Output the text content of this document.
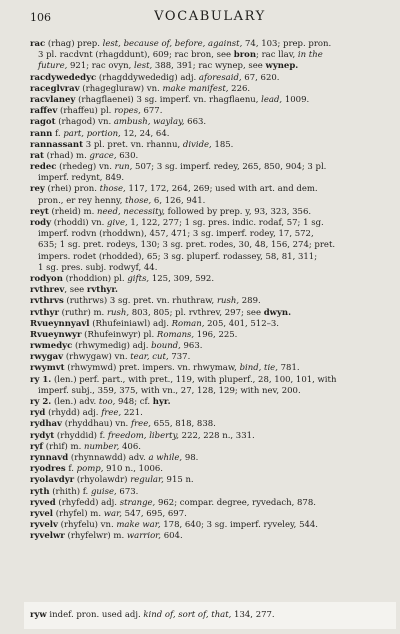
106	VOCABULARY
rac (rhag) prep. lest, because of, before, against, 74, 103; prep. pron.
3 pl. racdvnt (rhagddunt), 609; rac bron, see bron; rac llav, in the
future, 921; rac ovyn, lest, 388, 391; rac wynep, see wynep.
racdywededyc (rhagddywededig) adj. aforesaid, 67, 620.
raceglvrav (rhageglurаw) vn. make manifest, 226.
racvlaney (rhagflaenei) 3 sg. imperf. vn. rhagflaenu, lead, 1009.
raffev (rhaffeu) pl. ropes, 677.
ragot (rhagod) vn. ambush, waylay, 663.
rann f. part, portion, 12, 24, 64.
rannassant 3 pl. pret. vn. rhannu, divide, 185.
rat (rhad) m. grace, 630.
redec (rhedeg) vn. run, 507; 3 sg. imperf. redey, 265, 850, 904; 3 pl.
imperf. redynt, 849.
rey (rhei) pron. those, 117, 172, 264, 269; used with art. and dem.
pron., er rey henny, those, 6, 126, 941.
reyt (rheid) m. need, necessity, followed by prep. y, 93, 323, 356.
rody (rhoddi) vn. give, 1, 122, 277; 1 sg. pres. indic. rodaf, 57; 1 sg.
imperf. rodvn (rhoddwn), 457, 471; 3 sg. imperf. rodey, 17, 572,
635; 1 sg. pret. rodeys, 130; 3 sg. pret. rodes, 30, 48, 156, 274; pret.
impers. rodet (rhodded), 65; 3 sg. pluperf. rodassey, 58, 81, 311;
1 sg. pres. subj. rodwyf, 44.
rodyon (rhoddion) pl. gifts, 125, 309, 592.
rvthrev, see rvthyr.
rvthrvs (ruthrws) 3 sg. pret. vn. rhuthraw, rush, 289.
rvthyr (ruthr) m. rush, 803, 805; pl. rvthrev, 297; see dwyn.
Rvueynnyavl (Rhufeiniawl) adj. Roman, 205, 401, 512–3.
Rvueynwyr (Rhufeinwyr) pl. Romans, 196, 225.
rwmedyc (rhwymedig) adj. bound, 963.
rwygav (rhwygaw) vn. tear, cut, 737.
rwymvt (rhwymwd) pret. impers. vn. rhwymaw, bind, tie, 781.
ry 1. (len.) perf. part., with pret., 119, with pluperf., 28, 100, 101, with
imperf. subj., 359, 375, with vn., 27, 128, 129; with nev, 200.
ry 2. (len.) adv. too, 948; cf. hyr.
ryd (rhydd) adj. free, 221.
rydhav (rhyddhau) vn. free, 655, 818, 838.
rydyt (rhyddid) f. freedom, liberty, 222, 228 n., 331.
ryf (rhif) m. number, 406.
rynnavd (rhynnawdd) adv. a while, 98.
ryodres f. pomp, 910 n., 1006.
ryolavdyr (rhyolawdr) regular, 915 n.
ryth (rhith) f. guise, 673.
ryved (rhyfedd) adj. strange, 962; compar. degree, ryvedach, 878.
ryvel (rhyfel) m. war, 547, 695, 697.
ryvelv (rhyfelu) vn. make war, 178, 640; 3 sg. imperf. ryveley, 544.
ryvelwr (rhyfelwr) m. warrior, 604.
ryw indef. pron. used adj. kind of, sort of, that, 134, 277.
